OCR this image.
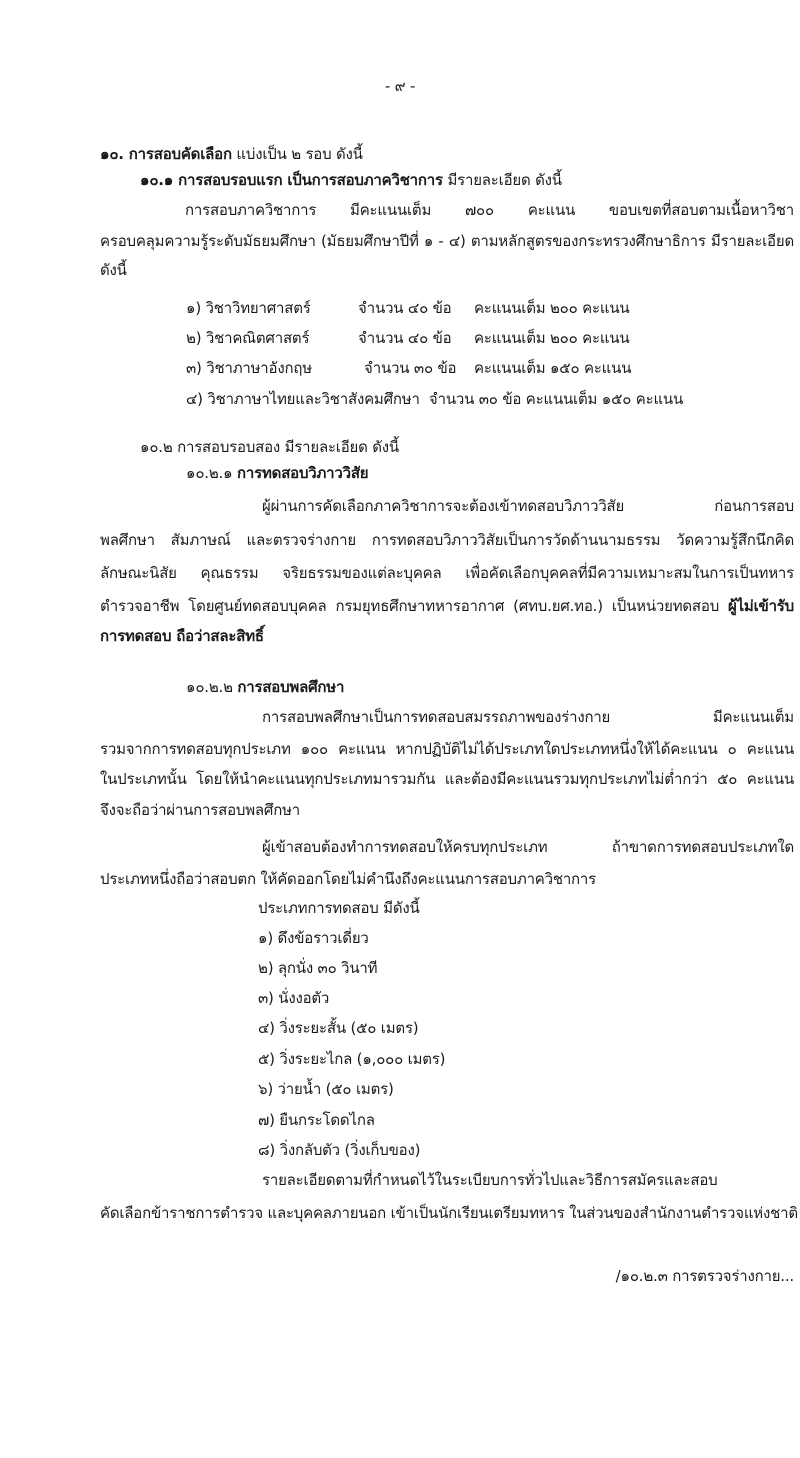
- ๙ -
๑๐. การสอบคัดเลือก แบ่งเป็น ๒ รอบ ดังนี้
๑๐.๑ การสอบรอบแรก เป็นการสอบภาควิชาการ มีรายละเอียด ดังนี้
การสอบภาควิชาการ มีคะแนนเต็ม ๗๐๐ คะแนน ขอบเขตที่สอบตามเนื้อหาวิชา
ครอบคลุมความรู้ระดับมัธยมศึกษา (มัธยมศึกษาปีที่ ๑ - ๔) ตามหลักสูตรของกระทรวงศึกษาธิการ มีรายละเอียด
ดังนี้
๑) วิชาวิทยาศาสตร์	จำนวน ๔๐ ข้อ คะแนนเต็ม ๒๐๐ คะแนน
๒) วิชาคณิตศาสตร์	จำนวน ๔๐ ข้อ คะแนนเต็ม ๒๐๐ คะแนน
๓) วิชาภาษาอังกฤษ	จำนวน ๓๐ ข้อ คะแนนเต็ม ๑๕๐ คะแนน
๔) วิชาภาษาไทยและวิชาสังคมศึกษา จำนวน ๓๐ ข้อ คะแนนเต็ม ๑๕๐ คะแนน
๑๐.๒ การสอบรอบสอง มีรายละเอียด ดังนี้
๑๐.๒.๑ การทดสอบวิภาววิสัย
ผู้ผ่านการคัดเลือกภาควิชาการจะต้องเข้าทดสอบวิภาววิสัย ก่อนการสอบ
พลศึกษา สัมภาษณ์ และตรวจร่างกาย การทดสอบวิภาววิสัยเป็นการวัดด้านนามธรรม วัดความรู้สึกนึกคิด
ลักษณะนิสัย คุณธรรม จริยธรรมของแต่ละบุคคล เพื่อคัดเลือกบุคคลที่มีความเหมาะสมในการเป็นทหาร
ตำรวจอาชีพ โดยศูนย์ทดสอบบุคคล กรมยุทธศึกษาทหารอากาศ (ศทบ.ยศ.ทอ.) เป็นหน่วยทดสอบ ผู้ไม่เข้ารับ
การทดสอบ ถือว่าสละสิทธิ์
๑๐.๒.๒ การสอบพลศึกษา
การสอบพลศึกษาเป็นการทดสอบสมรรถภาพของร่างกาย มีคะแนนเต็ม
รวมจากการทดสอบทุกประเภท ๑๐๐ คะแนน หากปฏิบัติไม่ได้ประเภทใดประเภทหนึ่งให้ได้คะแนน ๐ คะแนน
ในประเภทนั้น โดยให้นำคะแนนทุกประเภทมารวมกัน และต้องมีคะแนนรวมทุกประเภทไม่ต่ำกว่า ๕๐ คะแนน
จึงจะถือว่าผ่านการสอบพลศึกษา
ผู้เข้าสอบต้องทำการทดสอบให้ครบทุกประเภท ถ้าขาดการทดสอบประเภทใด
ประเภทหนึ่งถือว่าสอบตก ให้คัดออกโดยไม่คำนึงถึงคะแนนการสอบภาควิชาการ
ประเภทการทดสอบ มีดังนี้
๑) ดึงข้อราวเดี่ยว
๒) ลุกนั่ง ๓๐ วินาที
๓) นั่งงอตัว
๔) วิ่งระยะสั้น (๕๐ เมตร)
๕) วิ่งระยะไกล (๑,๐๐๐ เมตร)
๖) ว่ายน้ำ (๕๐ เมตร)
๗) ยืนกระโดดไกล
๘) วิ่งกลับตัว (วิ่งเก็บของ)
รายละเอียดตามที่กำหนดไว้ในระเบียบการทั่วไปและวิธีการสมัครและสอบ
คัดเลือกข้าราชการตำรวจ และบุคคลภายนอก เข้าเป็นนักเรียนเตรียมทหาร ในส่วนของสำนักงานตำรวจแห่งชาติ
/๑๐.๒.๓ การตรวจร่างกาย...
